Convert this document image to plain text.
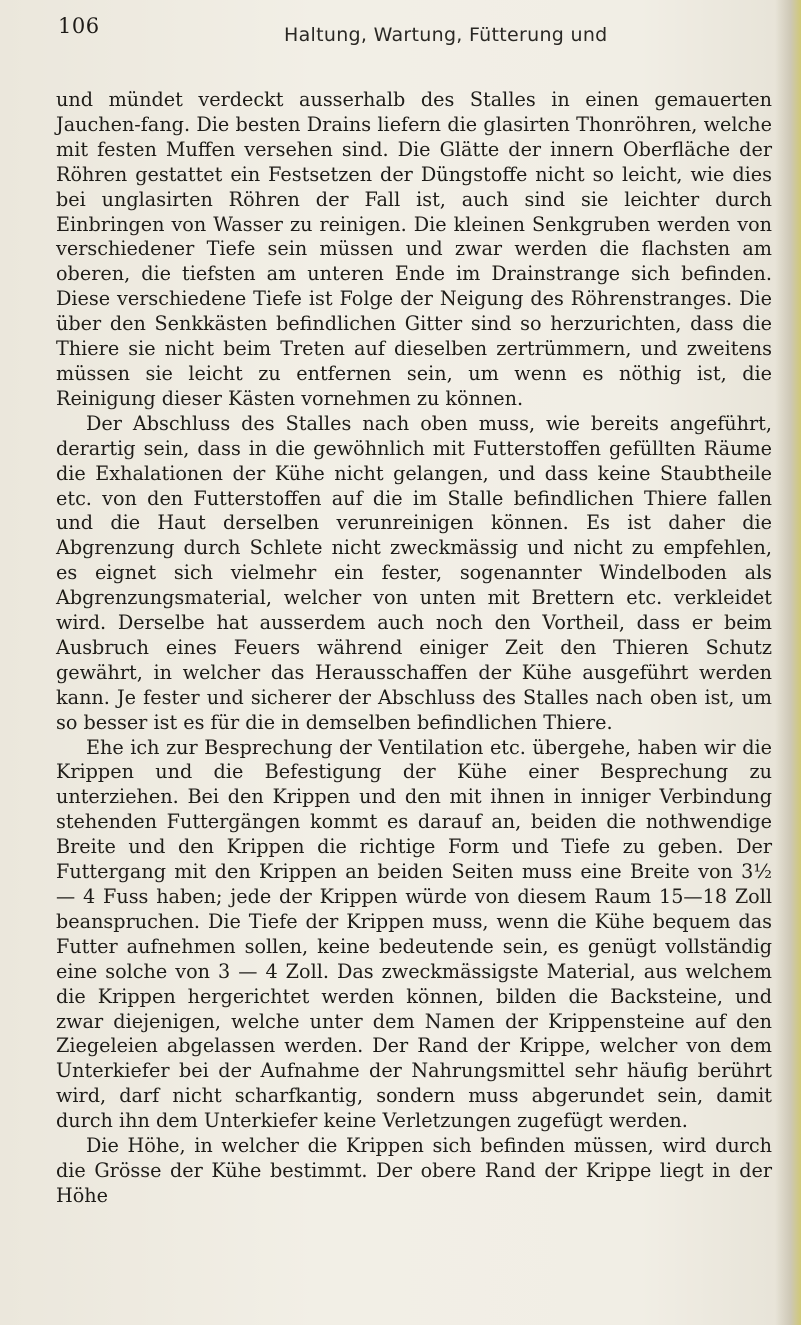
106	Haltung, Wartung, Fütterung und

und mündet verdeckt ausserhalb des Stalles in einen gemauerten Jauchen-fang. Die besten Drains liefern die glasirten Thonröhren, welche mit festen Muffen versehen sind. Die Glätte der innern Oberfläche der Röhren gestattet ein Festsetzen der Düngstoffe nicht so leicht, wie dies bei unglasirten Röhren der Fall ist, auch sind sie leichter durch Einbringen von Wasser zu reinigen. Die kleinen Senkgruben werden von verschiedener Tiefe sein müssen und zwar werden die flachsten am oberen, die tiefsten am unteren Ende im Drainstrange sich befinden. Diese verschiedene Tiefe ist Folge der Neigung des Röhrenstranges. Die über den Senkkästen befindlichen Gitter sind so herzurichten, dass die Thiere sie nicht beim Treten auf dieselben zertrümmern, und zweitens müssen sie leicht zu entfernen sein, um wenn es nöthig ist, die Reinigung dieser Kästen vornehmen zu können.

Der Abschluss des Stalles nach oben muss, wie bereits angeführt, derartig sein, dass in die gewöhnlich mit Futterstoffen gefüllten Räume die Exhalationen der Kühe nicht gelangen, und dass keine Staubtheile etc. von den Futterstoffen auf die im Stalle befindlichen Thiere fallen und die Haut derselben verunreinigen können. Es ist daher die Abgrenzung durch Schlete nicht zweckmässig und nicht zu empfehlen, es eignet sich vielmehr ein fester, sogenannter Windelboden als Abgrenzungsmaterial, welcher von unten mit Brettern etc. verkleidet wird. Derselbe hat ausserdem auch noch den Vortheil, dass er beim Ausbruch eines Feuers während einiger Zeit den Thieren Schutz gewährt, in welcher das Herausschaffen der Kühe ausgeführt werden kann. Je fester und sicherer der Abschluss des Stalles nach oben ist, um so besser ist es für die in demselben befindlichen Thiere.

Ehe ich zur Besprechung der Ventilation etc. übergehe, haben wir die Krippen und die Befestigung der Kühe einer Besprechung zu unterziehen. Bei den Krippen und den mit ihnen in inniger Verbindung stehenden Futtergängen kommt es darauf an, beiden die nothwendige Breite und den Krippen die richtige Form und Tiefe zu geben. Der Futtergang mit den Krippen an beiden Seiten muss eine Breite von 3½ — 4 Fuss haben; jede der Krippen würde von diesem Raum 15—18 Zoll beanspruchen. Die Tiefe der Krippen muss, wenn die Kühe bequem das Futter aufnehmen sollen, keine bedeutende sein, es genügt vollständig eine solche von 3 — 4 Zoll. Das zweckmässigste Material, aus welchem die Krippen hergerichtet werden können, bilden die Backsteine, und zwar diejenigen, welche unter dem Namen der Krippensteine auf den Ziegeleien abgelassen werden. Der Rand der Krippe, welcher von dem Unterkiefer bei der Aufnahme der Nahrungsmittel sehr häufig berührt wird, darf nicht scharfkantig, sondern muss abgerundet sein, damit durch ihn dem Unterkiefer keine Verletzungen zugefügt werden.

Die Höhe, in welcher die Krippen sich befinden müssen, wird durch die Grösse der Kühe bestimmt. Der obere Rand der Krippe liegt in der Höhe
